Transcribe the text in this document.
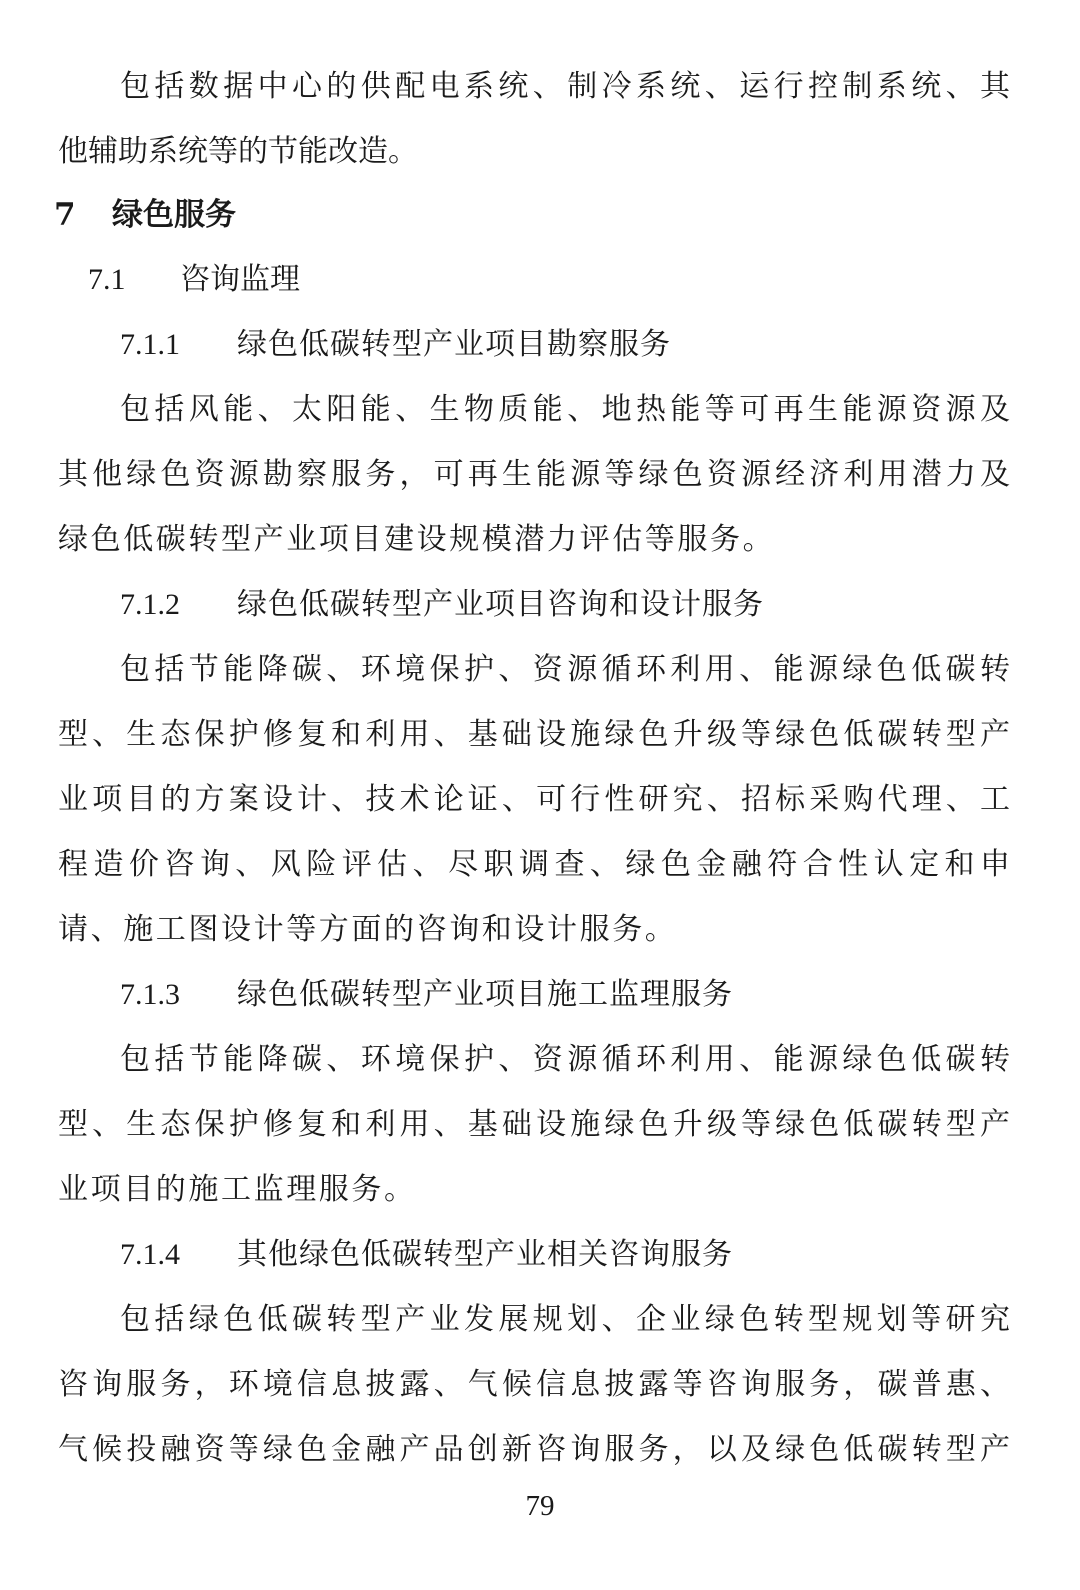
包括数据中心的供配电系统、制冷系统、运行控制系统、其
他辅助系统等的节能改造。
7 绿色服务
7.1 咨询监理
7.1.1 绿色低碳转型产业项目勘察服务
包括风能、太阳能、生物质能、地热能等可再生能源资源及
其他绿色资源勘察服务，可再生能源等绿色资源经济利用潜力及
绿色低碳转型产业项目建设规模潜力评估等服务。
7.1.2 绿色低碳转型产业项目咨询和设计服务
包括节能降碳、环境保护、资源循环利用、能源绿色低碳转
型、生态保护修复和利用、基础设施绿色升级等绿色低碳转型产
业项目的方案设计、技术论证、可行性研究、招标采购代理、工
程造价咨询、风险评估、尽职调查、绿色金融符合性认定和申
请、施工图设计等方面的咨询和设计服务。
7.1.3 绿色低碳转型产业项目施工监理服务
包括节能降碳、环境保护、资源循环利用、能源绿色低碳转
型、生态保护修复和利用、基础设施绿色升级等绿色低碳转型产
业项目的施工监理服务。
7.1.4 其他绿色低碳转型产业相关咨询服务
包括绿色低碳转型产业发展规划、企业绿色转型规划等研究
咨询服务，环境信息披露、气候信息披露等咨询服务，碳普惠、
气候投融资等绿色金融产品创新咨询服务，以及绿色低碳转型产
79
